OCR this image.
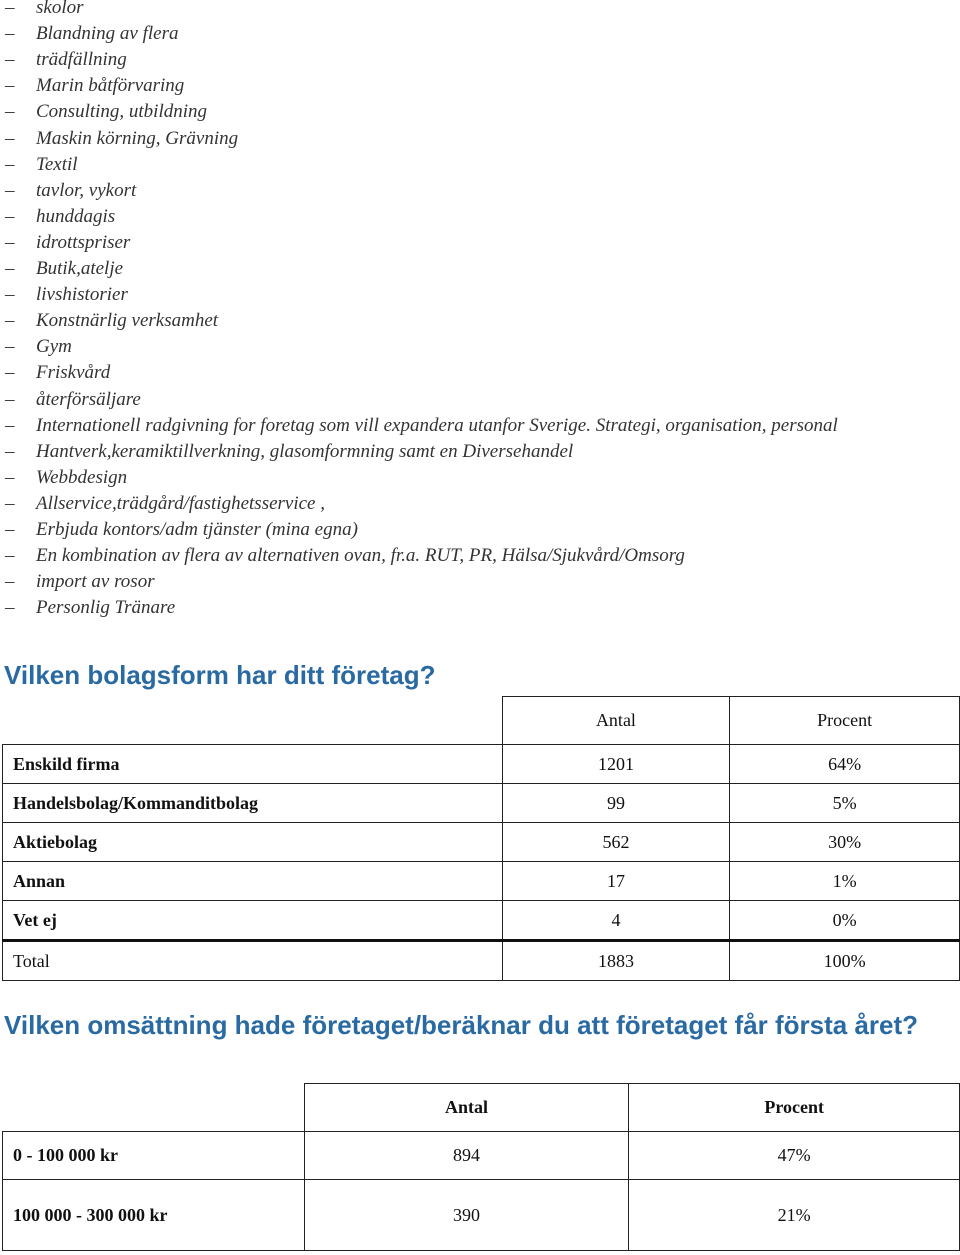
–	skolor
–	Blandning av flera
–	trädfällning
–	Marin båtförvaring
–	Consulting, utbildning
–	Maskin körning, Grävning
–	Textil
–	tavlor, vykort
–	hunddagis
–	idrottspriser
–	Butik,atelje
–	livshistorier
–	Konstnärlig verksamhet
–	Gym
–	Friskvård
–	återförsäljare
–	Internationell radgivning for foretag som vill expandera utanfor Sverige. Strategi, organisation, personal
–	Hantverk,keramiktillverkning, glasomformning samt en Diversehandel
–	Webbdesign
–	Allservice,trädgård/fastighetsservice ,
–	Erbjuda kontors/adm tjänster (mina egna)
–	En kombination av flera av alternativen ovan, fr.a. RUT, PR, Hälsa/Sjukvård/Omsorg
–	import av rosor
–	Personlig Tränare
Vilken bolagsform har ditt företag?
	Antal	Procent
Enskild firma	1201	64%
Handelsbolag/Kommanditbolag	99	5%
Aktiebolag	562	30%
Annan	17	1%
Vet ej	4	0%
Total	1883	100%
Vilken omsättning hade företaget/beräknar du att företaget får första året?
	Antal	Procent
0 - 100 000 kr	894	47%
100 000 - 300 000 kr	390	21%
